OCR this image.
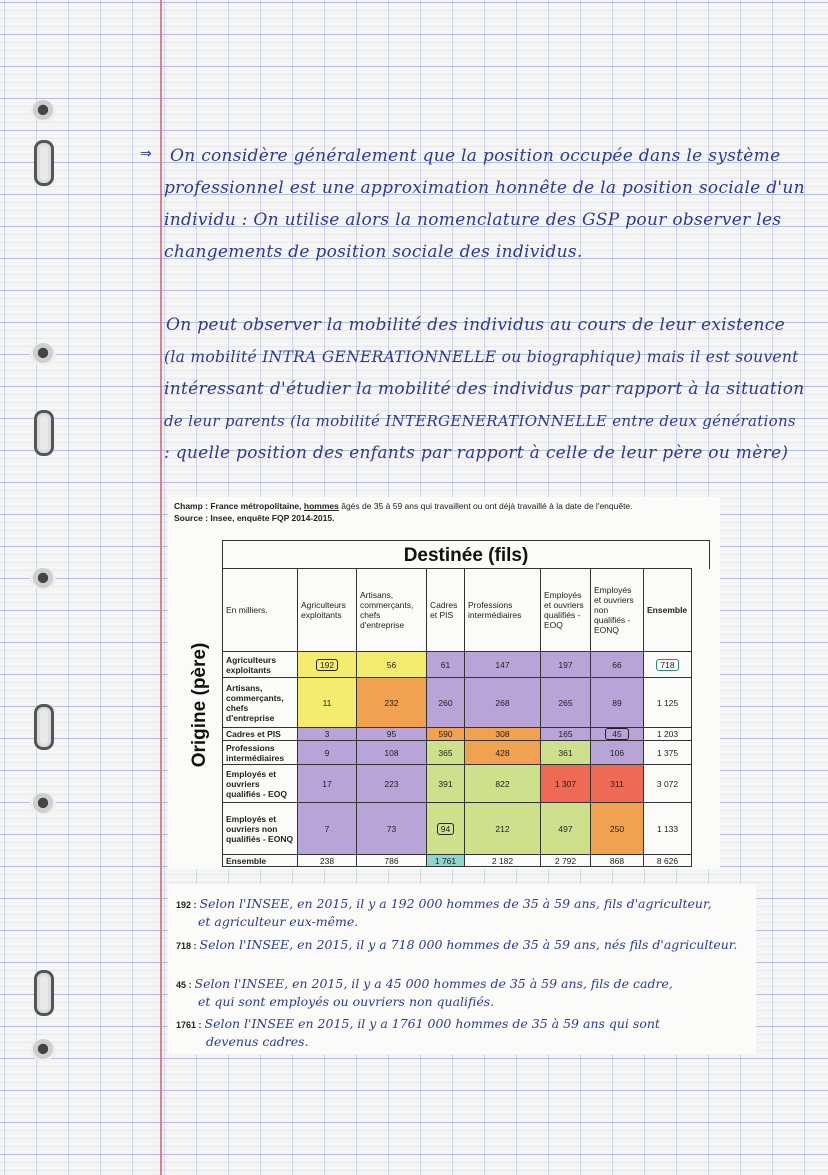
⇒ On considère généralement que la position occupée dans le système
professionnel est une approximation honnête de la position sociale d'un
individu : On utilise alors la nomenclature des GSP pour observer les
changements de position sociale des individus.
On peut observer la mobilité des individus au cours de leur existence
(la mobilité INTRA GENERATIONNELLE ou biographique) mais il est souvent
intéressant d'étudier la mobilité des individus par rapport à la situation
de leur parents (la mobilité INTERGENERATIONNELLE entre deux générations
: quelle position des enfants par rapport à celle de leur père ou mère)
Champ : France métropolitaine, hommes âgés de 35 à 59 ans qui travaillent ou ont déjà travaillé à la date de l'enquête.
Source : Insee, enquête FQP 2014-2015.
Origine (père)
Destinée (fils)
En milliers.	Agriculteurs exploitants	Artisans, commerçants, chefs d'entreprise	Cadres et PIS	Professions intermédiaires	Employés et ouvriers qualifiés - EOQ	Employés et ouvriers non qualifiés - EONQ	Ensemble
Agriculteurs exploitants	192	56	61	147	197	66	718
Artisans, commerçants, chefs d'entreprise	11	232	260	268	265	89	1 125
Cadres et PIS	3	95	590	308	165	45	1 203
Professions intermédiaires	9	108	365	428	361	106	1 375
Employés et ouvriers qualifiés - EOQ	17	223	391	822	1 307	311	3 072
Employés et ouvriers non qualifiés - EONQ	7	73	94	212	497	250	1 133
Ensemble	238	786	1 761	2 182	2 792	868	8 626
192 : Selon l'INSEE, en 2015, il y a 192 000 hommes de 35 à 59 ans, fils d'agriculteur,
et agriculteur eux-même.
718 : Selon l'INSEE, en 2015, il y a 718 000 hommes de 35 à 59 ans, nés fils d'agriculteur.
45 : Selon l'INSEE, en 2015, il y a 45 000 hommes de 35 à 59 ans, fils de cadre,
et qui sont employés ou ouvriers non qualifiés.
1761 : Selon l'INSEE en 2015, il y a 1761 000 hommes de 35 à 59 ans qui sont
devenus cadres.
